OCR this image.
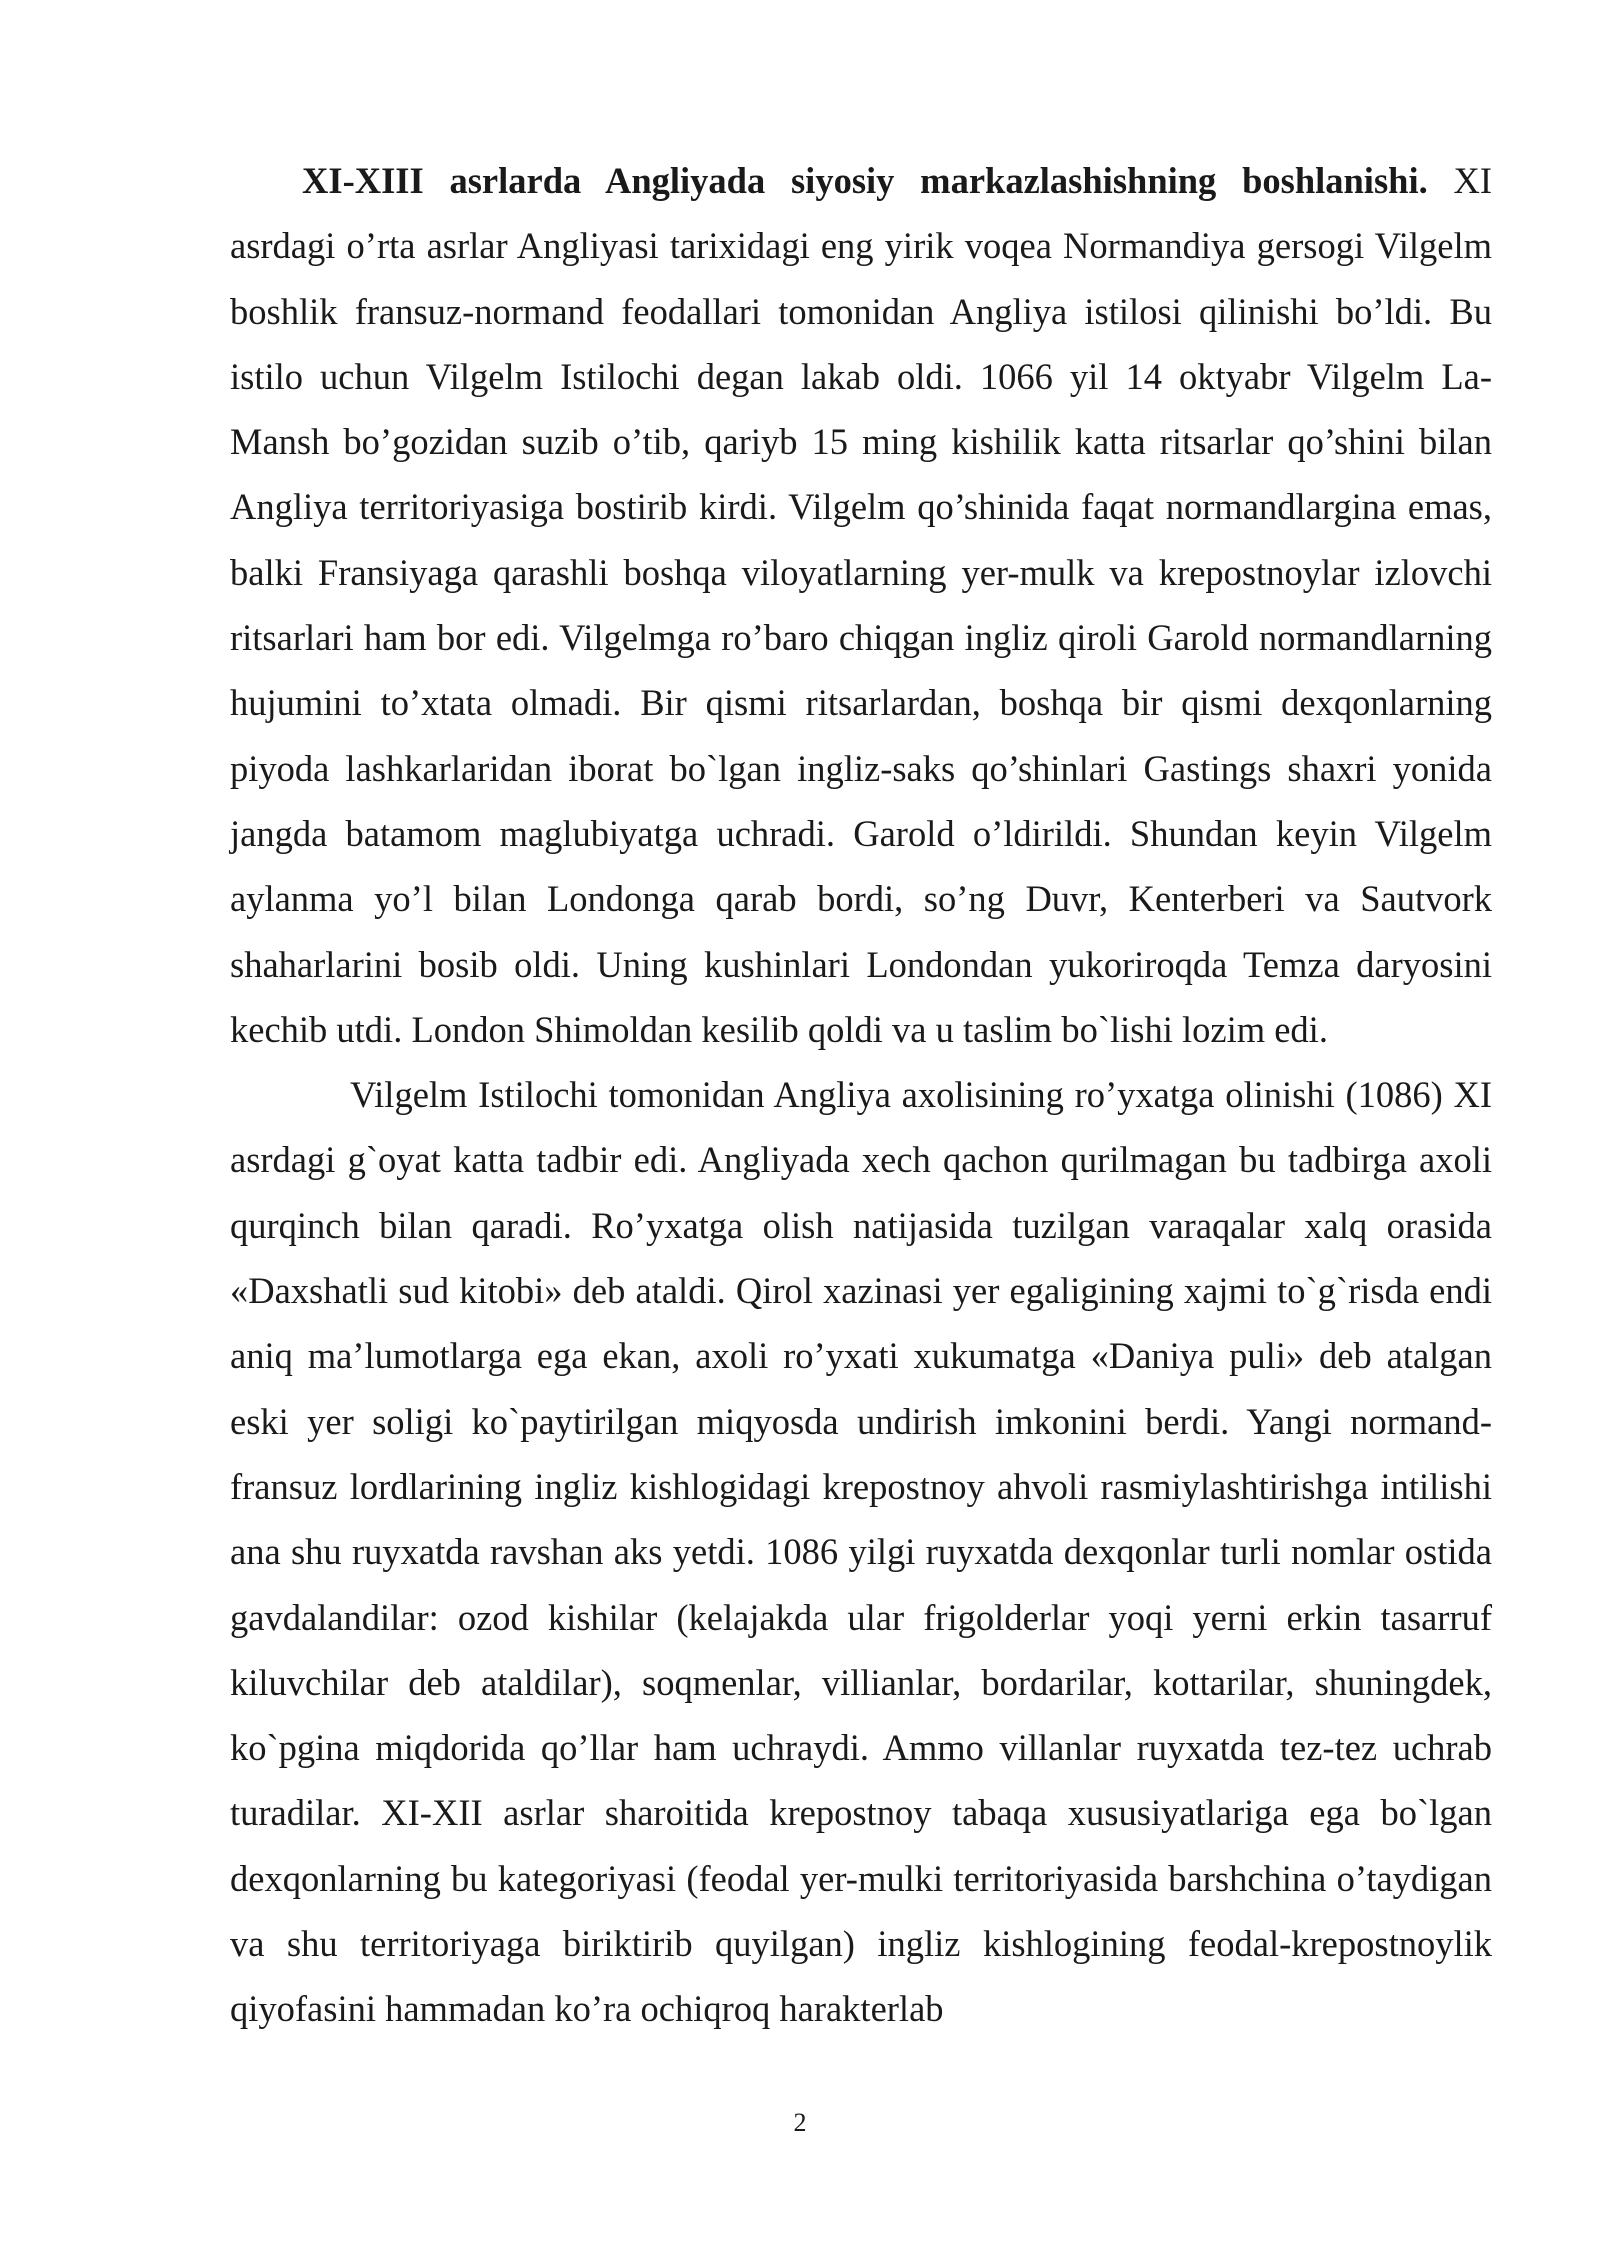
XI-XIII asrlarda Angliyada siyosiy markazlashishning boshlanishi. XI asrdagi o’rta asrlar Angliyasi tarixidagi eng yirik voqea Normandiya gersogi Vilgelm boshlik fransuz-normand feodallari tomonidan Angliya istilosi qilinishi bo’ldi. Bu istilo uchun Vilgelm Istilochi degan lakab oldi. 1066 yil 14 oktyabr Vilgelm La-Mansh bo’gozidan suzib o’tib, qariyb 15 ming kishilik katta ritsarlar qo’shini bilan Angliya territoriyasiga bostirib kirdi. Vilgelm qo’shinida faqat normandlargina emas, balki Fransiyaga qarashli boshqa viloyatlarning yer-mulk va krepostnoylar izlovchi ritsarlari ham bor edi. Vilgelmga ro’baro chiqgan ingliz qiroli Garold normandlarning hujumini to’xtata olmadi. Bir qismi ritsarlardan, boshqa bir qismi dexqonlarning piyoda lashkarlaridan iborat bo`lgan ingliz-saks qo’shinlari Gastings shaxri yonida jangda batamom maglubiyatga uchradi. Garold o’ldirildi. Shundan keyin Vilgelm aylanma yo’l bilan Londonga qarab bordi, so’ng Duvr, Kenterberi va Sautvork shaharlarini bosib oldi. Uning kushinlari Londondan yukoriroqda Temza daryosini kechib utdi. London Shimoldan kesilib qoldi va u taslim bo`lishi lozim edi.

Vilgelm Istilochi tomonidan Angliya axolisining ro’yxatga olinishi (1086) XI asrdagi g`oyat katta tadbir edi. Angliyada xech qachon qurilmagan bu tadbirga axoli qurqinch bilan qaradi. Ro’yxatga olish natijasida tuzilgan varaqalar xalq orasida «Daxshatli sud kitobi» deb ataldi. Qirol xazinasi yer egaligining xajmi to`g`risda endi aniq ma’lumotlarga ega ekan, axoli ro’yxati xukumatga «Daniya puli» deb atalgan eski yer soligi ko`paytirilgan miqyosda undirish imkonini berdi. Yangi normand-fransuz lordlarining ingliz kishlogidagi krepostnoy ahvoli rasmiylashtirishga intilishi ana shu ruyxatda ravshan aks yetdi. 1086 yilgi ruyxatda dexqonlar turli nomlar ostida gavdalandilar: ozod kishilar (kelajakda ular frigolderlar yoqi yerni erkin tasarruf kiluvchilar deb ataldilar), soqmenlar, villianlar, bordarilar, kottarilar, shuningdek, ko`pgina miqdorida qo’llar ham uchraydi. Ammo villanlar ruyxatda tez-tez uchrab turadilar. XI-XII asrlar sharoitida krepostnoy tabaqa xususiyatlariga ega bo`lgan dexqonlarning bu kategoriyasi (feodal yer-mulki territoriyasida barshchina o’taydigan va shu territoriyaga biriktirib quyilgan) ingliz kishlogining feodal-krepostnoylik qiyofasini hammadan ko’ra ochiqroq harakterlab

2
